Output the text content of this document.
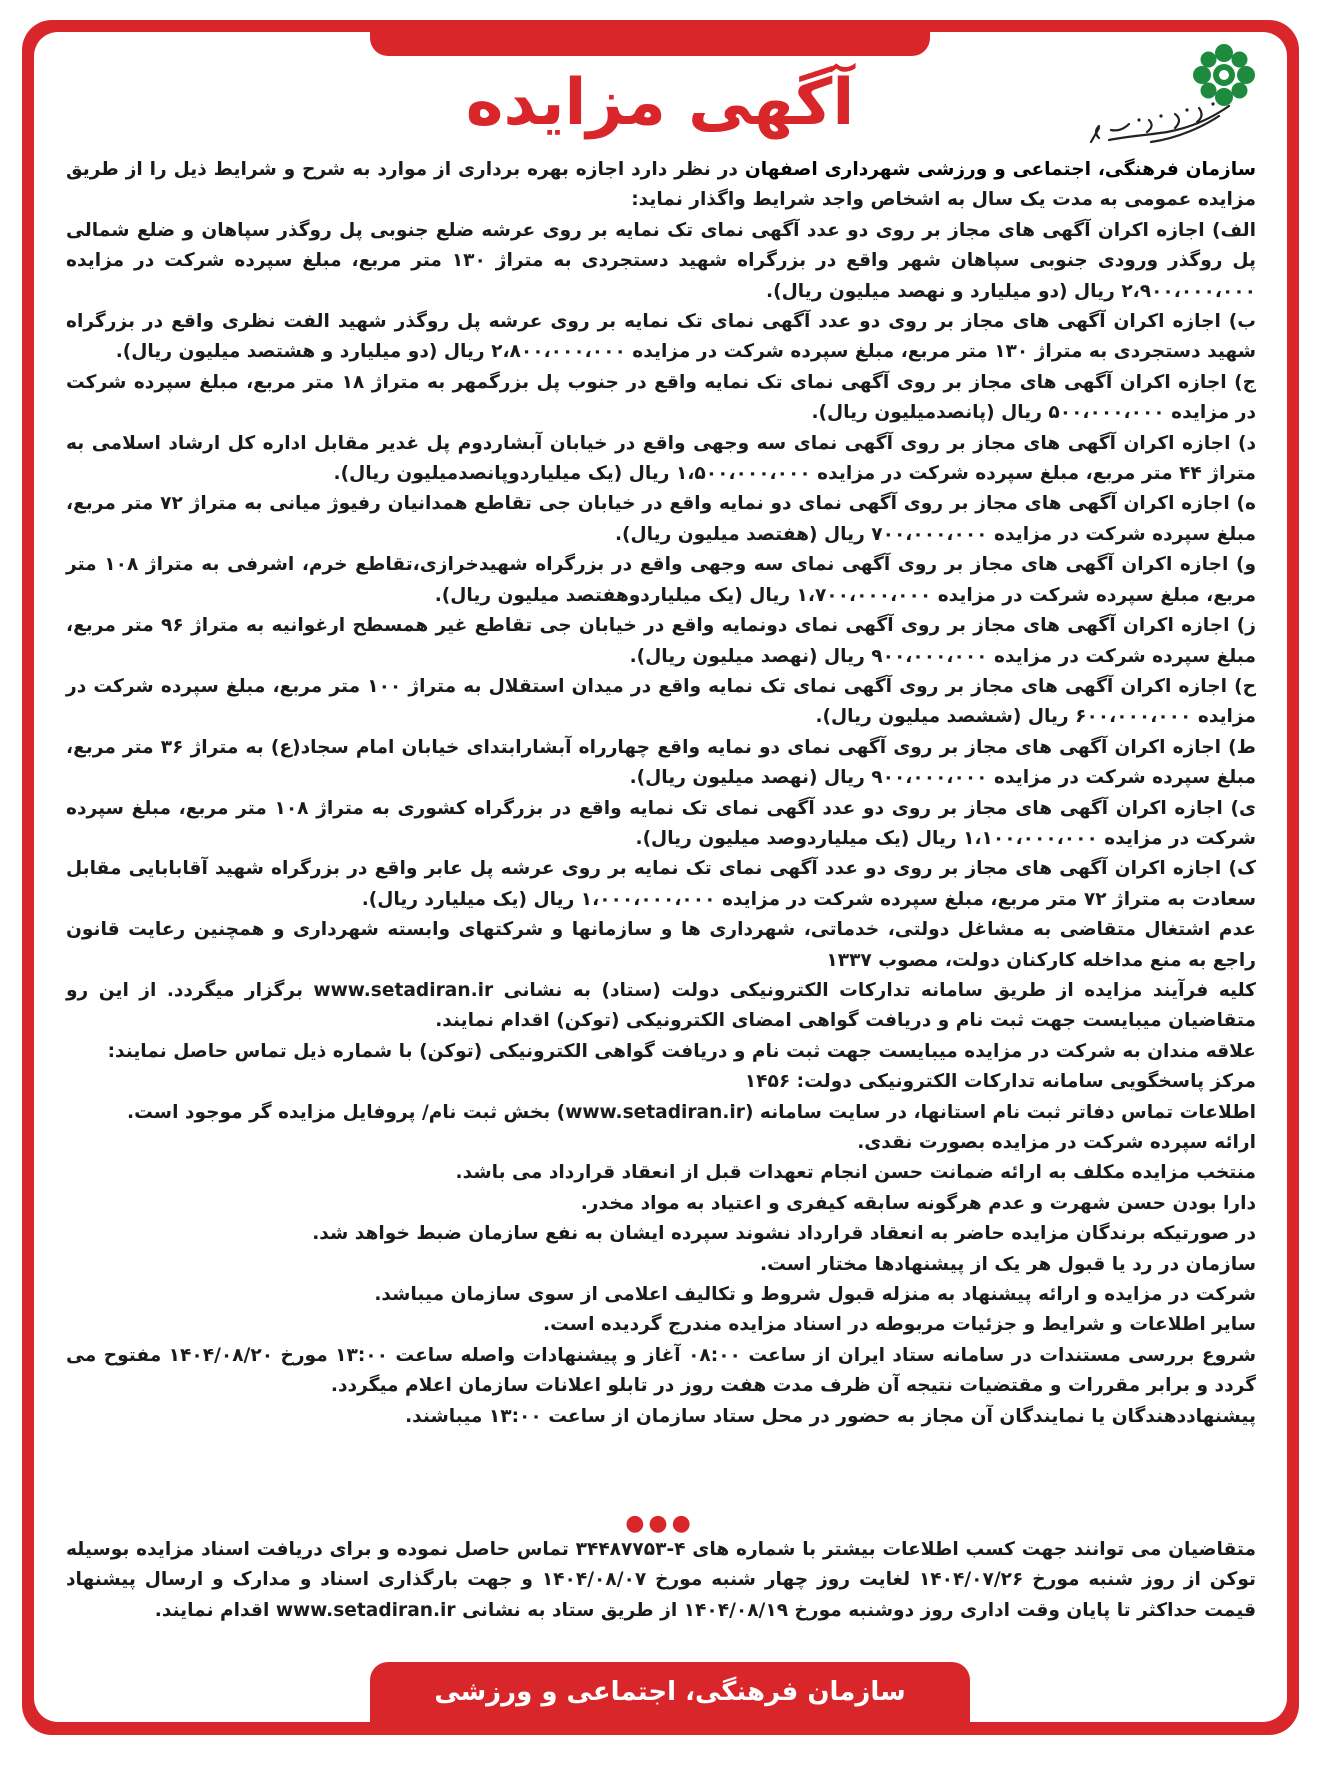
آگهی مزایده

سازمان فرهنگی، اجتماعی و ورزشی شهرداری اصفهان در نظر دارد اجازه بهره برداری از موارد به شرح و شرایط ذیل را از طریق مزایده عمومی به مدت یک سال به اشخاص واجد شرایط واگذار نماید:

الف) اجازه اکران آگهی های مجاز بر روی دو عدد آگهی نمای تک نمایه بر روی عرشه ضلع جنوبی پل روگذر سپاهان و ضلع شمالی پل روگذر ورودی جنوبی سپاهان شهر واقع در بزرگراه شهید دستجردی به متراژ ۱۳۰ متر مربع، مبلغ سپرده شرکت در مزایده ۲،۹۰۰،۰۰۰،۰۰۰ ریال (دو میلیارد و نهصد میلیون ریال).

ب) اجازه اکران آگهی های مجاز بر روی دو عدد آگهی نمای تک نمایه بر روی عرشه پل روگذر شهید الفت نظری واقع در بزرگراه شهید دستجردی به متراژ ۱۳۰ متر مربع، مبلغ سپرده شرکت در مزایده ۲،۸۰۰،۰۰۰،۰۰۰ ریال (دو میلیارد و هشتصد میلیون ریال).

ج) اجازه اکران آگهی های مجاز بر روی آگهی نمای تک نمایه واقع در جنوب پل بزرگمهر به متراژ ۱۸ متر مربع، مبلغ سپرده شرکت در مزایده ۵۰۰،۰۰۰،۰۰۰ ریال (پانصدمیلیون ریال).

د) اجازه اکران آگهی های مجاز بر روی آگهی نمای سه وجهی واقع در خیابان آبشاردوم پل غدیر مقابل اداره کل ارشاد اسلامی به متراژ ۴۴ متر مربع، مبلغ سپرده شرکت در مزایده ۱،۵۰۰،۰۰۰،۰۰۰ ریال (یک میلیاردوپانصدمیلیون ریال).

ه) اجازه اکران آگهی های مجاز بر روی آگهی نمای دو نمایه واقع در خیابان جی تقاطع همدانیان رفیوژ میانی به متراژ ۷۲ متر مربع، مبلغ سپرده شرکت در مزایده ۷۰۰،۰۰۰،۰۰۰ ریال (هفتصد میلیون ریال).

و) اجازه اکران آگهی های مجاز بر روی آگهی نمای سه وجهی واقع در بزرگراه شهیدخرازی،تقاطع خرم، اشرفی به متراژ ۱۰۸ متر مربع، مبلغ سپرده شرکت در مزایده ۱،۷۰۰،۰۰۰،۰۰۰ ریال (یک میلیاردوهفتصد میلیون ریال).

ز) اجازه اکران آگهی های مجاز بر روی آگهی نمای دونمایه واقع در خیابان جی تقاطع غیر همسطح ارغوانیه به متراژ ۹۶ متر مربع، مبلغ سپرده شرکت در مزایده ۹۰۰،۰۰۰،۰۰۰ ریال (نهصد میلیون ریال).

ح) اجازه اکران آگهی های مجاز بر روی آگهی نمای تک نمایه واقع در میدان استقلال به متراژ ۱۰۰ متر مربع، مبلغ سپرده شرکت در مزایده ۶۰۰،۰۰۰،۰۰۰ ریال (ششصد میلیون ریال).

ط) اجازه اکران آگهی های مجاز بر روی آگهی نمای دو نمایه واقع چهارراه آبشارابتدای خیابان امام سجاد(ع) به متراژ ۳۶ متر مربع، مبلغ سپرده شرکت در مزایده ۹۰۰،۰۰۰،۰۰۰ ریال (نهصد میلیون ریال).

ی) اجازه اکران آگهی های مجاز بر روی دو عدد آگهی نمای تک نمایه واقع در بزرگراه کشوری به متراژ ۱۰۸ متر مربع، مبلغ سپرده شرکت در مزایده ۱،۱۰۰،۰۰۰،۰۰۰ ریال (یک میلیاردوصد میلیون ریال).

ک) اجازه اکران آگهی های مجاز بر روی دو عدد آگهی نمای تک نمایه بر روی عرشه پل عابر واقع در بزرگراه شهید آقابابایی مقابل سعادت به متراژ ۷۲ متر مربع، مبلغ سپرده شرکت در مزایده ۱،۰۰۰،۰۰۰،۰۰۰ ریال (یک میلیارد ریال).

عدم اشتغال متقاضی به مشاغل دولتی، خدماتی، شهرداری ها و سازمانها و شرکتهای وابسته شهرداری و همچنین رعایت قانون راجع به منع مداخله کارکنان دولت، مصوب ۱۳۳۷

کلیه فرآیند مزایده از طریق سامانه تدارکات الکترونیکی دولت (ستاد) به نشانی www.setadiran.ir برگزار میگردد. از این رو متقاضیان میبایست جهت ثبت نام و دریافت گواهی امضای الکترونیکی (توکن) اقدام نمایند.

علاقه مندان به شرکت در مزایده میبایست جهت ثبت نام و دریافت گواهی الکترونیکی (توکن) با شماره ذیل تماس حاصل نمایند:

مرکز پاسخگویی سامانه تدارکات الکترونیکی دولت: ۱۴۵۶

اطلاعات تماس دفاتر ثبت نام استانها، در سایت سامانه (www.setadiran.ir) بخش ثبت نام/ پروفایل مزایده گر موجود است.

ارائه سپرده شرکت در مزایده بصورت نقدی.

منتخب مزایده مکلف به ارائه ضمانت حسن انجام تعهدات قبل از انعقاد قرارداد می باشد.

دارا بودن حسن شهرت و عدم هرگونه سابقه کیفری و اعتیاد به مواد مخدر.

در صورتیکه برندگان مزایده حاضر به انعقاد قرارداد نشوند سپرده ایشان به نفع سازمان ضبط خواهد شد.

سازمان در رد یا قبول هر یک از پیشنهادها مختار است.

شرکت در مزایده و ارائه پیشنهاد به منزله قبول شروط و تکالیف اعلامی از سوی سازمان میباشد.

سایر اطلاعات و شرایط و جزئیات مربوطه در اسناد مزایده مندرج گردیده است.

شروع بررسی مستندات در سامانه ستاد ایران از ساعت ۰۸:۰۰ آغاز و پیشنهادات واصله ساعت ۱۳:۰۰ مورخ ۱۴۰۴/۰۸/۲۰ مفتوح می گردد و برابر مقررات و مقتضیات نتیجه آن ظرف مدت هفت روز در تابلو اعلانات سازمان اعلام میگردد.

پیشنهاددهندگان یا نمایندگان آن مجاز به حضور در محل ستاد سازمان از ساعت ۱۳:۰۰ میباشند.

●●●

متقاضیان می توانند جهت کسب اطلاعات بیشتر با شماره های ۴-۳۴۴۸۷۷۵۳ تماس حاصل نموده و برای دریافت اسناد مزایده بوسیله توکن از روز شنبه مورخ ۱۴۰۴/۰۷/۲۶ لغایت روز چهار شنبه مورخ ۱۴۰۴/۰۸/۰۷ و جهت بارگذاری اسناد و مدارک و ارسال پیشنهاد قیمت حداکثر تا پایان وقت اداری روز دوشنبه مورخ ۱۴۰۴/۰۸/۱۹ از طریق ستاد به نشانی www.setadiran.ir اقدام نمایند.

سازمان فرهنگی، اجتماعی و ورزشی شهرداری اصفهان
